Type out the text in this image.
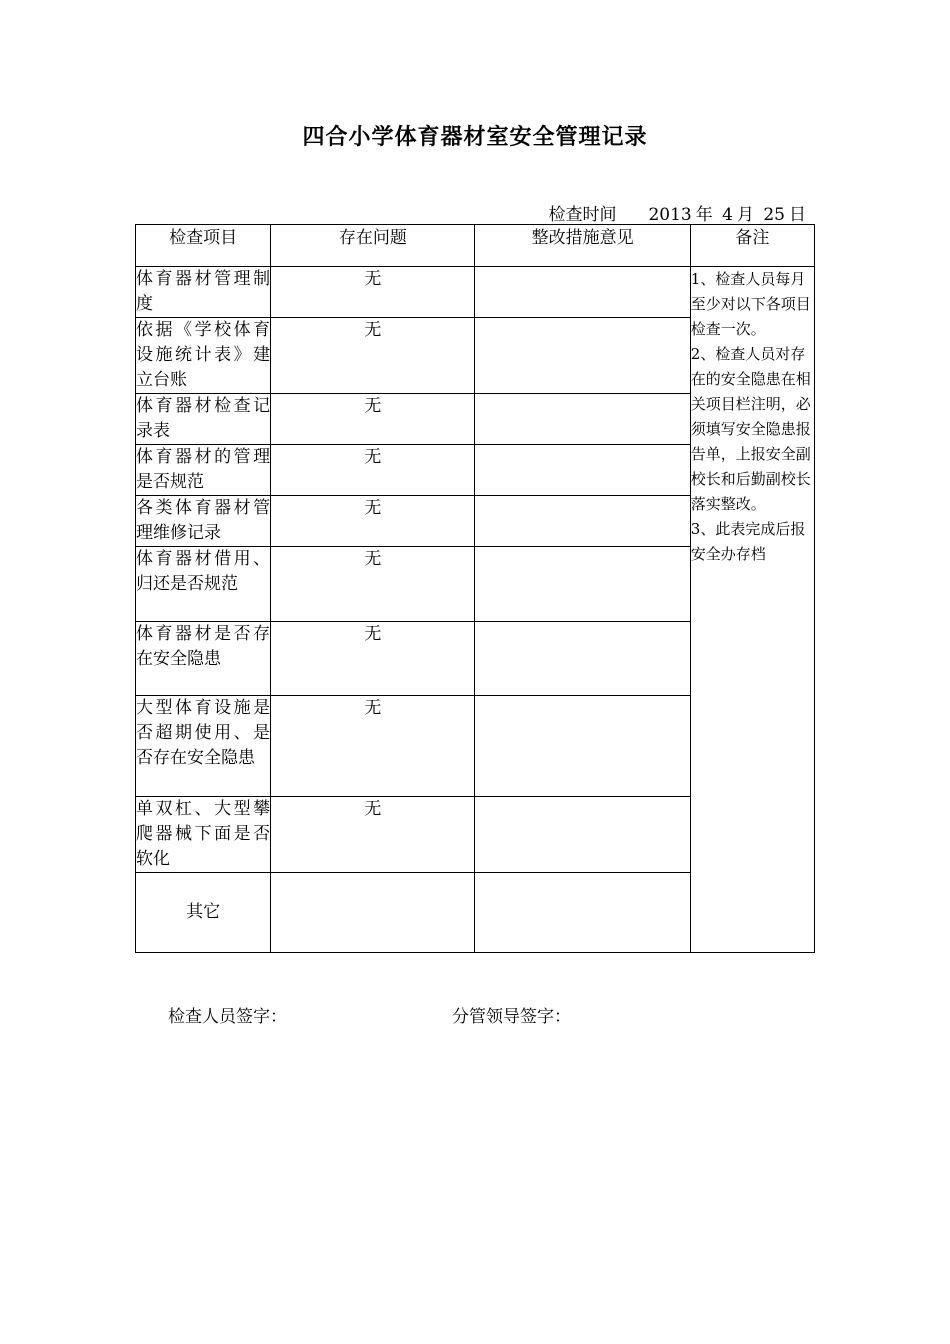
四合小学体育器材室安全管理记录
检查时间 2013 年 4 月 25 日
检查项目	存在问题	整改措施意见	备注
体育器材管理制度	无		1、检查人员每月至少对以下各项目检查一次。

2、检查人员对存在的安全隐患在相关项目栏注明，必须填写安全隐患报告单，上报安全副校长和后勤副校长落实整改。

3、此表完成后报安全办存档

依据《学校体育设施统计表》建立台账	无		
体育器材检查记录表	无		
体育器材的管理是否规范	无		
各类体育器材管理维修记录	无		
体育器材借用、归还是否规范	无		
体育器材是否存在安全隐患	无		
大型体育设施是否超期使用、是否存在安全隐患	无		
单双杠、大型攀爬器械下面是否软化	无		
其它			
检查人员签字：	分管领导签字：
